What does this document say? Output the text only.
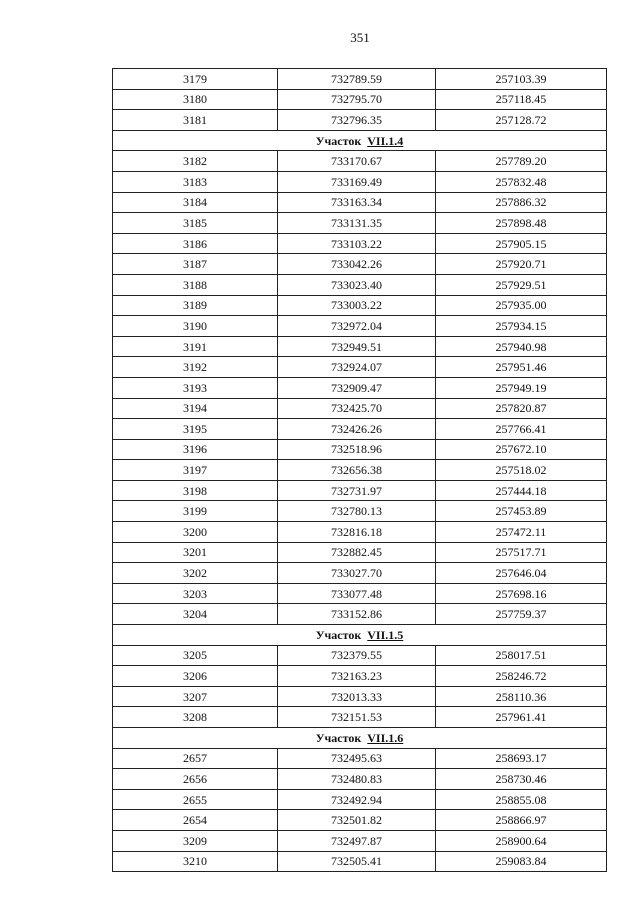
351
3179	732789.59	257103.39
3180	732795.70	257118.45
3181	732796.35	257128.72
Участок VII.1.4		
3182	733170.67	257789.20
3183	733169.49	257832.48
3184	733163.34	257886.32
3185	733131.35	257898.48
3186	733103.22	257905.15
3187	733042.26	257920.71
3188	733023.40	257929.51
3189	733003.22	257935.00
3190	732972.04	257934.15
3191	732949.51	257940.98
3192	732924.07	257951.46
3193	732909.47	257949.19
3194	732425.70	257820.87
3195	732426.26	257766.41
3196	732518.96	257672.10
3197	732656.38	257518.02
3198	732731.97	257444.18
3199	732780.13	257453.89
3200	732816.18	257472.11
3201	732882.45	257517.71
3202	733027.70	257646.04
3203	733077.48	257698.16
3204	733152.86	257759.37
Участок VII.1.5		
3205	732379.55	258017.51
3206	732163.23	258246.72
3207	732013.33	258110.36
3208	732151.53	257961.41
Участок VII.1.6		
2657	732495.63	258693.17
2656	732480.83	258730.46
2655	732492.94	258855.08
2654	732501.82	258866.97
3209	732497.87	258900.64
3210	732505.41	259083.84
